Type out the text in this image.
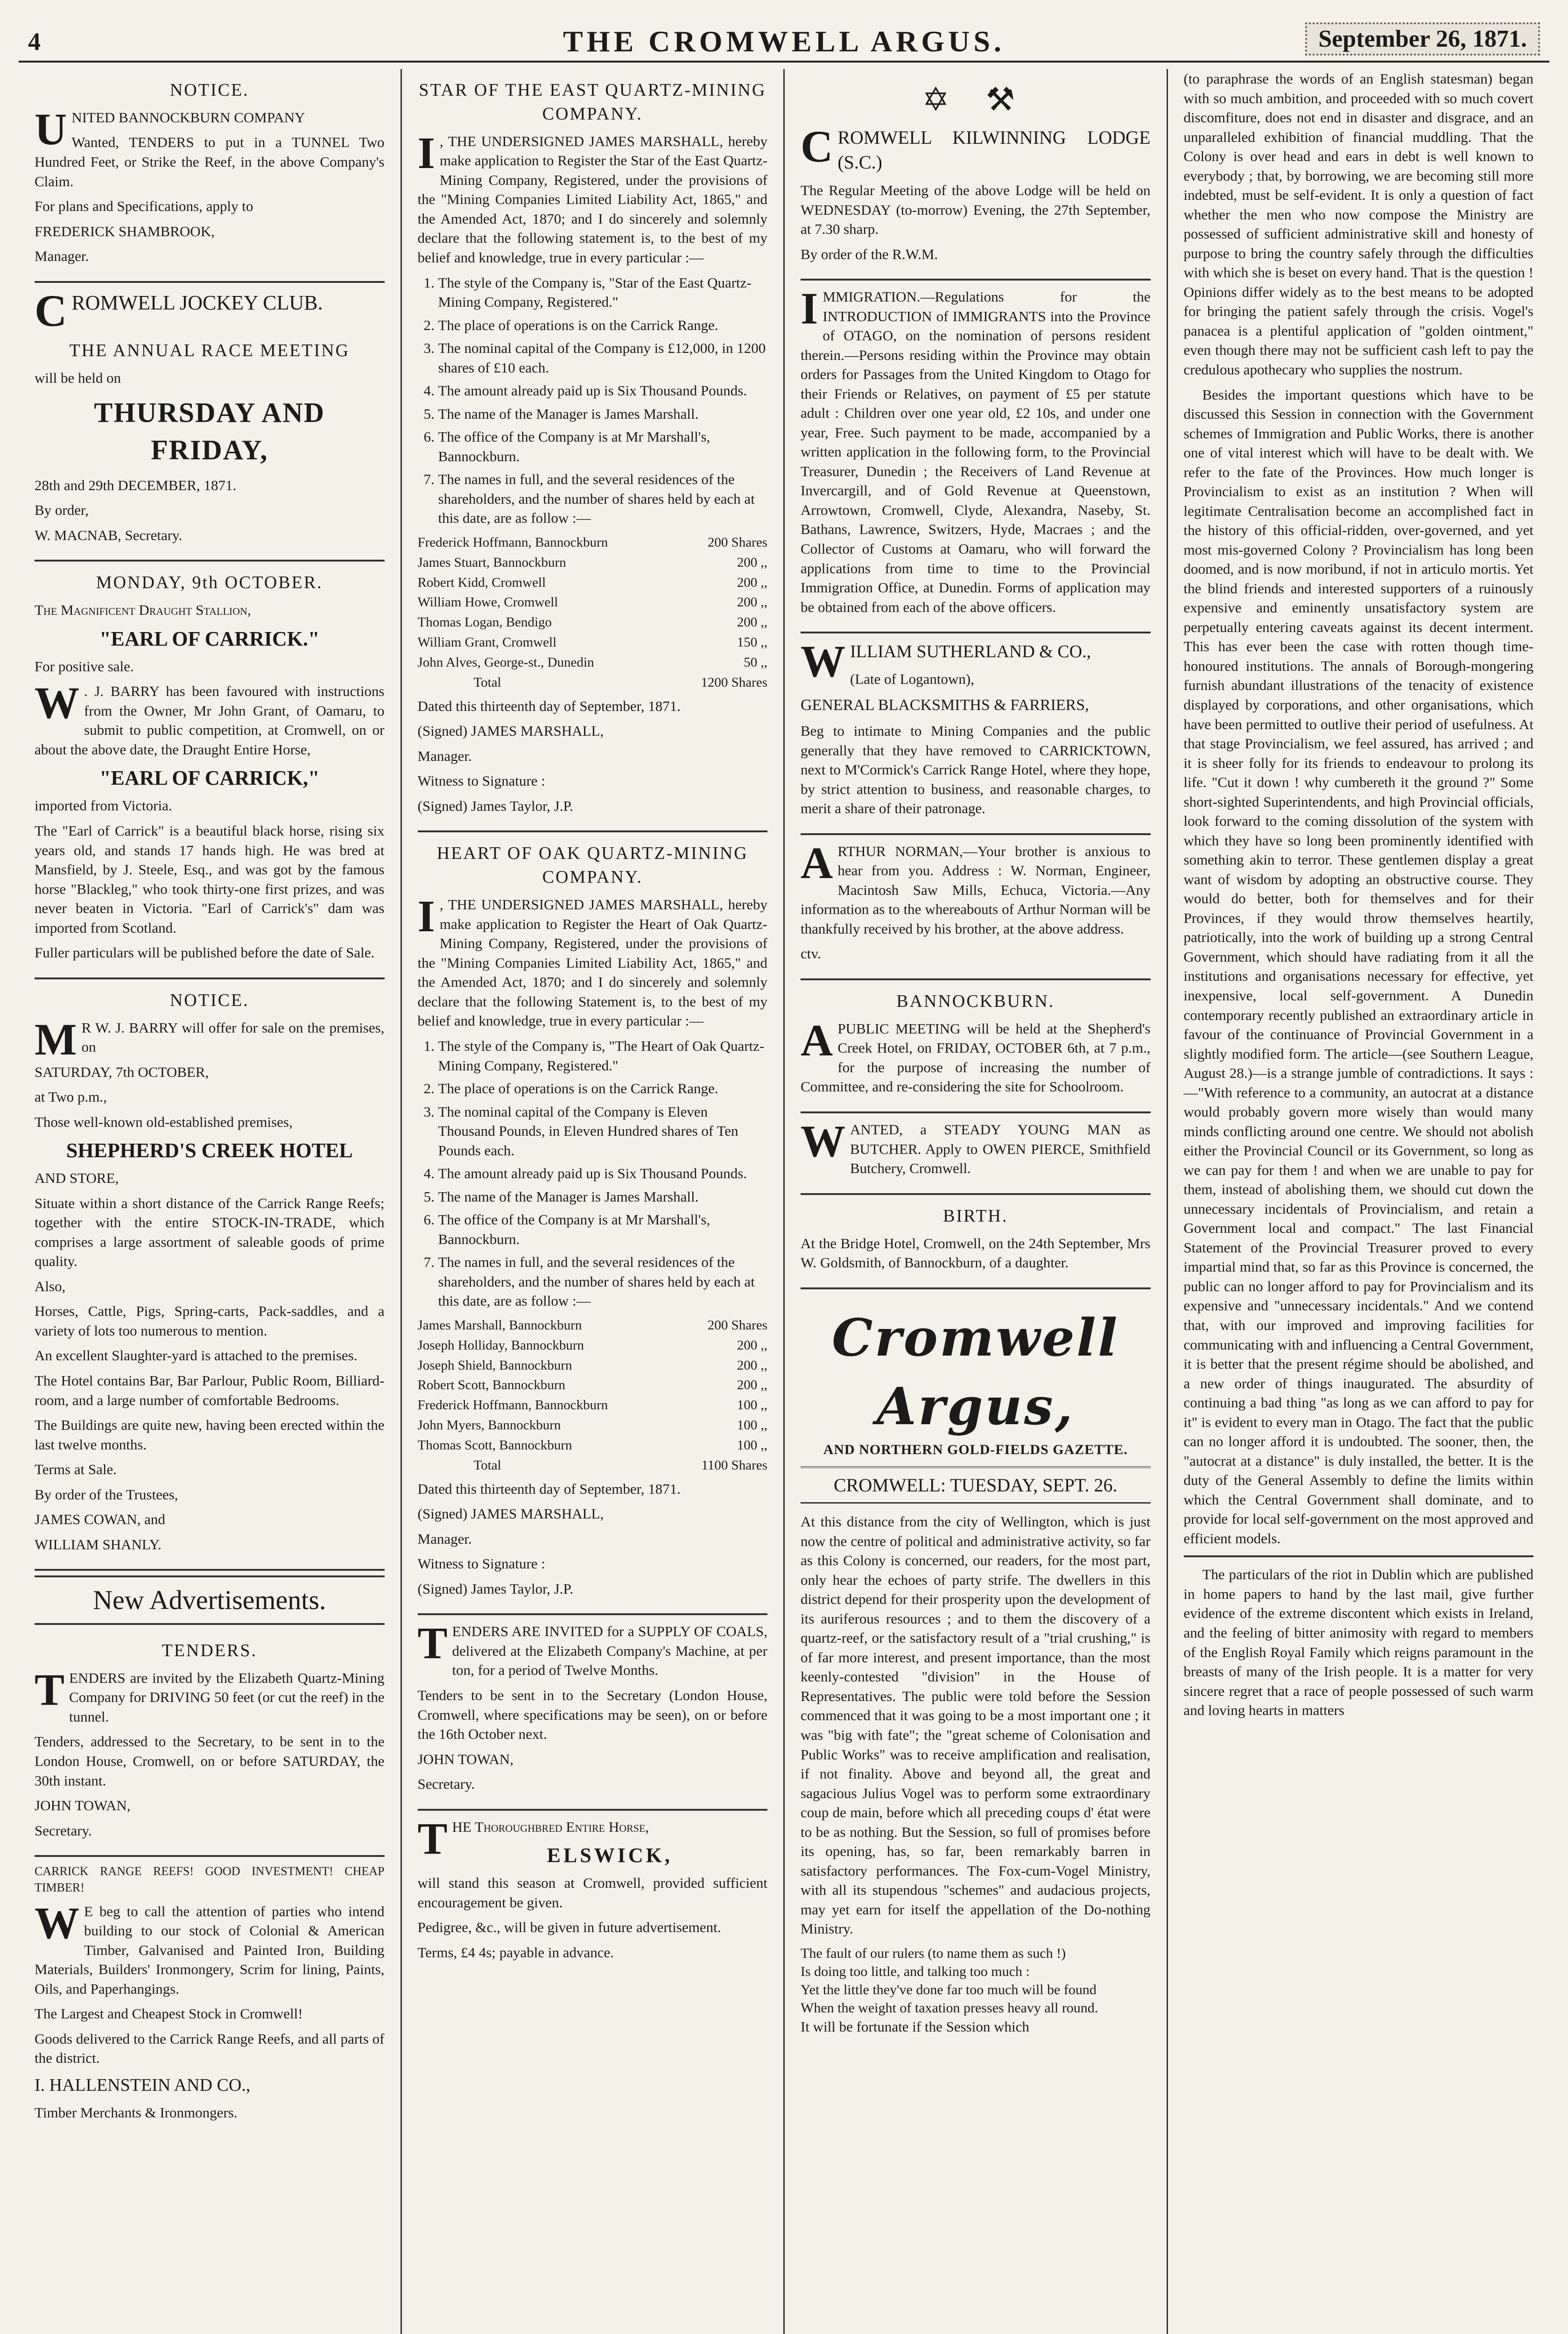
4	THE CROMWELL ARGUS.	September 26, 1871.
NOTICE.

UNITED BANNOCKBURN COMPANY

Wanted, TENDERS to put in a TUNNEL Two Hundred Feet, or Strike the Reef, in the above Company's Claim.

For plans and Specifications, apply to

FREDERICK SHAMBROOK,

Manager.

CROMWELL JOCKEY CLUB.

THE ANNUAL RACE MEETING

will be held on

THURSDAY AND FRIDAY,

28th and 29th DECEMBER, 1871.

By order,

W. MACNAB, Secretary.

MONDAY, 9th OCTOBER.

The Magnificent Draught Stallion,

"EARL OF CARRICK."

For positive sale.

W . J. BARRY has been favoured with instructions from the Owner, Mr John Grant, of Oamaru, to submit to public competition, at Cromwell, on or about the above date, the Draught Entire Horse,

"EARL OF CARRICK,"

imported from Victoria.

The "Earl of Carrick" is a beautiful black horse, rising six years old, and stands 17 hands high. He was bred at Mansfield, by J. Steele, Esq., and was got by the famous horse "Blackleg," who took thirty-one first prizes, and was never beaten in Victoria. "Earl of Carrick's" dam was imported from Scotland.

Fuller particulars will be published before the date of Sale.

NOTICE.

M R W. J. BARRY will offer for sale on the premises, on

SATURDAY, 7th OCTOBER,

at Two p.m.,

Those well-known old-established premises,

SHEPHERD'S CREEK HOTEL

AND STORE,

Situate within a short distance of the Carrick Range Reefs; together with the entire STOCK-IN-TRADE, which comprises a large assortment of saleable goods of prime quality.

Also,

Horses, Cattle, Pigs, Spring-carts, Pack-saddles, and a variety of lots too numerous to mention.

An excellent Slaughter-yard is attached to the premises.

The Hotel contains Bar, Bar Parlour, Public Room, Billiard-room, and a large number of comfortable Bedrooms.

The Buildings are quite new, having been erected within the last twelve months.

Terms at Sale.

By order of the Trustees,

JAMES COWAN, and

WILLIAM SHANLY.

New Advertisements.
TENDERS.

TENDERS are invited by the Elizabeth Quartz-Mining Company for DRIVING 50 feet (or cut the reef) in the tunnel.

Tenders, addressed to the Secretary, to be sent in to the London House, Cromwell, on or before SATURDAY, the 30th instant.

JOHN TOWAN,

Secretary.

CARRICK RANGE REEFS! GOOD INVESTMENT! CHEAP TIMBER!

W E beg to call the attention of parties who intend building to our stock of Colonial & American Timber, Galvanised and Painted Iron, Building Materials, Builders' Ironmongery, Scrim for lining, Paints, Oils, and Paperhangings.

The Largest and Cheapest Stock in Cromwell!

Goods delivered to the Carrick Range Reefs, and all parts of the district.

I. HALLENSTEIN AND CO.,

Timber Merchants & Ironmongers.

STAR OF THE EAST QUARTZ-MINING COMPANY.

I , THE UNDERSIGNED JAMES MARSHALL, hereby make application to Register the Star of the East Quartz-Mining Company, Registered, under the provisions of the "Mining Companies Limited Liability Act, 1865," and the Amended Act, 1870; and I do sincerely and solemnly declare that the following statement is, to the best of my belief and knowledge, true in every particular :—

1. The style of the Company is, "Star of the East Quartz-Mining Company, Registered."
2. The place of operations is on the Carrick Range.
3. The nominal capital of the Company is £12,000, in 1200 shares of £10 each.
4. The amount already paid up is Six Thousand Pounds.
5. The name of the Manager is James Marshall.
6. The office of the Company is at Mr Marshall's, Bannockburn.
7. The names in full, and the several residences of the shareholders, and the number of shares held by each at this date, are as follow :—
Frederick Hoffmann, Bannockburn	200 Shares
James Stuart, Bannockburn	200 ,,
Robert Kidd, Cromwell	200 ,,
William Howe, Cromwell	200 ,,
Thomas Logan, Bendigo	200 ,,
William Grant, Cromwell	150 ,,
John Alves, George-st., Dunedin	50 ,,
Total	1200 Shares

Dated this thirteenth day of September, 1871.

(Signed) JAMES MARSHALL,

Manager.

Witness to Signature :

(Signed) James Taylor, J.P.

HEART OF OAK QUARTZ-MINING COMPANY.

I , THE UNDERSIGNED JAMES MARSHALL, hereby make application to Register the Heart of Oak Quartz-Mining Company, Registered, under the provisions of the "Mining Companies Limited Liability Act, 1865," and the Amended Act, 1870; and I do sincerely and solemnly declare that the following Statement is, to the best of my belief and knowledge, true in every particular :—

1. The style of the Company is, "The Heart of Oak Quartz-Mining Company, Registered."
2. The place of operations is on the Carrick Range.
3. The nominal capital of the Company is Eleven Thousand Pounds, in Eleven Hundred shares of Ten Pounds each.
4. The amount already paid up is Six Thousand Pounds.
5. The name of the Manager is James Marshall.
6. The office of the Company is at Mr Marshall's, Bannockburn.
7. The names in full, and the several residences of the shareholders, and the number of shares held by each at this date, are as follow :—
James Marshall, Bannockburn	200 Shares
Joseph Holliday, Bannockburn	200 ,,
Joseph Shield, Bannockburn	200 ,,
Robert Scott, Bannockburn	200 ,,
Frederick Hoffmann, Bannockburn	100 ,,
John Myers, Bannockburn	100 ,,
Thomas Scott, Bannockburn	100 ,,
Total	1100 Shares

Dated this thirteenth day of September, 1871.

(Signed) JAMES MARSHALL,

Manager.

Witness to Signature :

(Signed) James Taylor, J.P.

TENDERS ARE INVITED for a SUPPLY OF COALS, delivered at the Elizabeth Company's Machine, at per ton, for a period of Twelve Months.

Tenders to be sent in to the Secretary (London House, Cromwell, where specifications may be seen), on or before the 16th October next.

JOHN TOWAN,

Secretary.

THE Thoroughbred Entire Horse,

ELSWICK,

will stand this season at Cromwell, provided sufficient encouragement be given.

Pedigree, &c., will be given in future advertisement.

Terms, £4 4s; payable in advance.

✡ ⚒

CROMWELL KILWINNING LODGE (S.C.)

The Regular Meeting of the above Lodge will be held on WEDNESDAY (to-morrow) Evening, the 27th September, at 7.30 sharp.

By order of the R.W.M.

IMMIGRATION.—Regulations for the INTRODUCTION of IMMIGRANTS into the Province of OTAGO, on the nomination of persons resident therein.—Persons residing within the Province may obtain orders for Passages from the United Kingdom to Otago for their Friends or Relatives, on payment of £5 per statute adult : Children over one year old, £2 10s, and under one year, Free. Such payment to be made, accompanied by a written application in the following form, to the Provincial Treasurer, Dunedin ; the Receivers of Land Revenue at Invercargill, and of Gold Revenue at Queenstown, Arrowtown, Cromwell, Clyde, Alexandra, Naseby, St. Bathans, Lawrence, Switzers, Hyde, Macraes ; and the Collector of Customs at Oamaru, who will forward the applications from time to time to the Provincial Immigration Office, at Dunedin. Forms of application may be obtained from each of the above officers.

WILLIAM SUTHERLAND & CO.,

(Late of Logantown),

GENERAL BLACKSMITHS & FARRIERS,

Beg to intimate to Mining Companies and the public generally that they have removed to CARRICKTOWN, next to M'Cormick's Carrick Range Hotel, where they hope, by strict attention to business, and reasonable charges, to merit a share of their patronage.

ARTHUR NORMAN,—Your brother is anxious to hear from you. Address : W. Norman, Engineer, Macintosh Saw Mills, Echuca, Victoria.—Any information as to the whereabouts of Arthur Norman will be thankfully received by his brother, at the above address.

ctv.

BANNOCKBURN.

A PUBLIC MEETING will be held at the Shepherd's Creek Hotel, on FRIDAY, OCTOBER 6th, at 7 p.m., for the purpose of increasing the number of Committee, and re-considering the site for Schoolroom.

WANTED, a STEADY YOUNG MAN as BUTCHER. Apply to OWEN PIERCE, Smithfield Butchery, Cromwell.

BIRTH.

At the Bridge Hotel, Cromwell, on the 24th September, Mrs W. Goldsmith, of Bannockburn, of a daughter.

Cromwell Argus,
AND NORTHERN GOLD-FIELDS GAZETTE.
CROMWELL: TUESDAY, SEPT. 26.

At this distance from the city of Wellington, which is just now the centre of political and administrative activity, so far as this Colony is concerned, our readers, for the most part, only hear the echoes of party strife. The dwellers in this district depend for their prosperity upon the development of its auriferous resources ; and to them the discovery of a quartz-reef, or the satisfactory result of a "trial crushing," is of far more interest, and present importance, than the most keenly-contested "division" in the House of Representatives. The public were told before the Session commenced that it was going to be a most important one ; it was "big with fate"; the "great scheme of Colonisation and Public Works" was to receive amplification and realisation, if not finality. Above and beyond all, the great and sagacious Julius Vogel was to perform some extraordinary coup de main, before which all preceding coups d' état were to be as nothing. But the Session, so full of promises before its opening, has, so far, been remarkably barren in satisfactory performances. The Fox-cum-Vogel Ministry, with all its stupendous "schemes" and audacious projects, may yet earn for itself the appellation of the Do-nothing Ministry.

The fault of our rulers (to name them as such !)
Is doing too little, and talking too much :
Yet the little they've done far too much will be found
When the weight of taxation presses heavy all round.

It will be fortunate if the Session which

(to paraphrase the words of an English statesman) began with so much ambition, and proceeded with so much covert discomfiture, does not end in disaster and disgrace, and an unparalleled exhibition of financial muddling. That the Colony is over head and ears in debt is well known to everybody ; that, by borrowing, we are becoming still more indebted, must be self-evident. It is only a question of fact whether the men who now compose the Ministry are possessed of sufficient administrative skill and honesty of purpose to bring the country safely through the difficulties with which she is beset on every hand. That is the question ! Opinions differ widely as to the best means to be adopted for bringing the patient safely through the crisis. Vogel's panacea is a plentiful application of "golden ointment," even though there may not be sufficient cash left to pay the credulous apothecary who supplies the nostrum.

Besides the important questions which have to be discussed this Session in connection with the Government schemes of Immigration and Public Works, there is another one of vital interest which will have to be dealt with. We refer to the fate of the Provinces. How much longer is Provincialism to exist as an institution ? When will legitimate Centralisation become an accomplished fact in the history of this official-ridden, over-governed, and yet most mis-governed Colony ? Provincialism has long been doomed, and is now moribund, if not in articulo mortis. Yet the blind friends and interested supporters of a ruinously expensive and eminently unsatisfactory system are perpetually entering caveats against its decent interment. This has ever been the case with rotten though time-honoured institutions. The annals of Borough-mongering furnish abundant illustrations of the tenacity of existence displayed by corporations, and other organisations, which have been permitted to outlive their period of usefulness. At that stage Provincialism, we feel assured, has arrived ; and it is sheer folly for its friends to endeavour to prolong its life. "Cut it down ! why cumbereth it the ground ?" Some short-sighted Superintendents, and high Provincial officials, look forward to the coming dissolution of the system with which they have so long been prominently identified with something akin to terror. These gentlemen display a great want of wisdom by adopting an obstructive course. They would do better, both for themselves and for their Provinces, if they would throw themselves heartily, patriotically, into the work of building up a strong Central Government, which should have radiating from it all the institutions and organisations necessary for effective, yet inexpensive, local self-government. A Dunedin contemporary recently published an extraordinary article in favour of the continuance of Provincial Government in a slightly modified form. The article—(see Southern League, August 28.)—is a strange jumble of contradictions. It says :—"With reference to a community, an autocrat at a distance would probably govern more wisely than would many minds conflicting around one centre. We should not abolish either the Provincial Council or its Government, so long as we can pay for them ! and when we are unable to pay for them, instead of abolishing them, we should cut down the unnecessary incidentals of Provincialism, and retain a Government local and compact." The last Financial Statement of the Provincial Treasurer proved to every impartial mind that, so far as this Province is concerned, the public can no longer afford to pay for Provincialism and its expensive and "unnecessary incidentals." And we contend that, with our improved and improving facilities for communicating with and influencing a Central Government, it is better that the present régime should be abolished, and a new order of things inaugurated. The absurdity of continuing a bad thing "as long as we can afford to pay for it" is evident to every man in Otago. The fact that the public can no longer afford it is undoubted. The sooner, then, the "autocrat at a distance" is duly installed, the better. It is the duty of the General Assembly to define the limits within which the Central Government shall dominate, and to provide for local self-government on the most approved and efficient models.

The particulars of the riot in Dublin which are published in home papers to hand by the last mail, give further evidence of the extreme discontent which exists in Ireland, and the feeling of bitter animosity with regard to members of the English Royal Family which reigns paramount in the breasts of many of the Irish people. It is a matter for very sincere regret that a race of people possessed of such warm and loving hearts in matters
